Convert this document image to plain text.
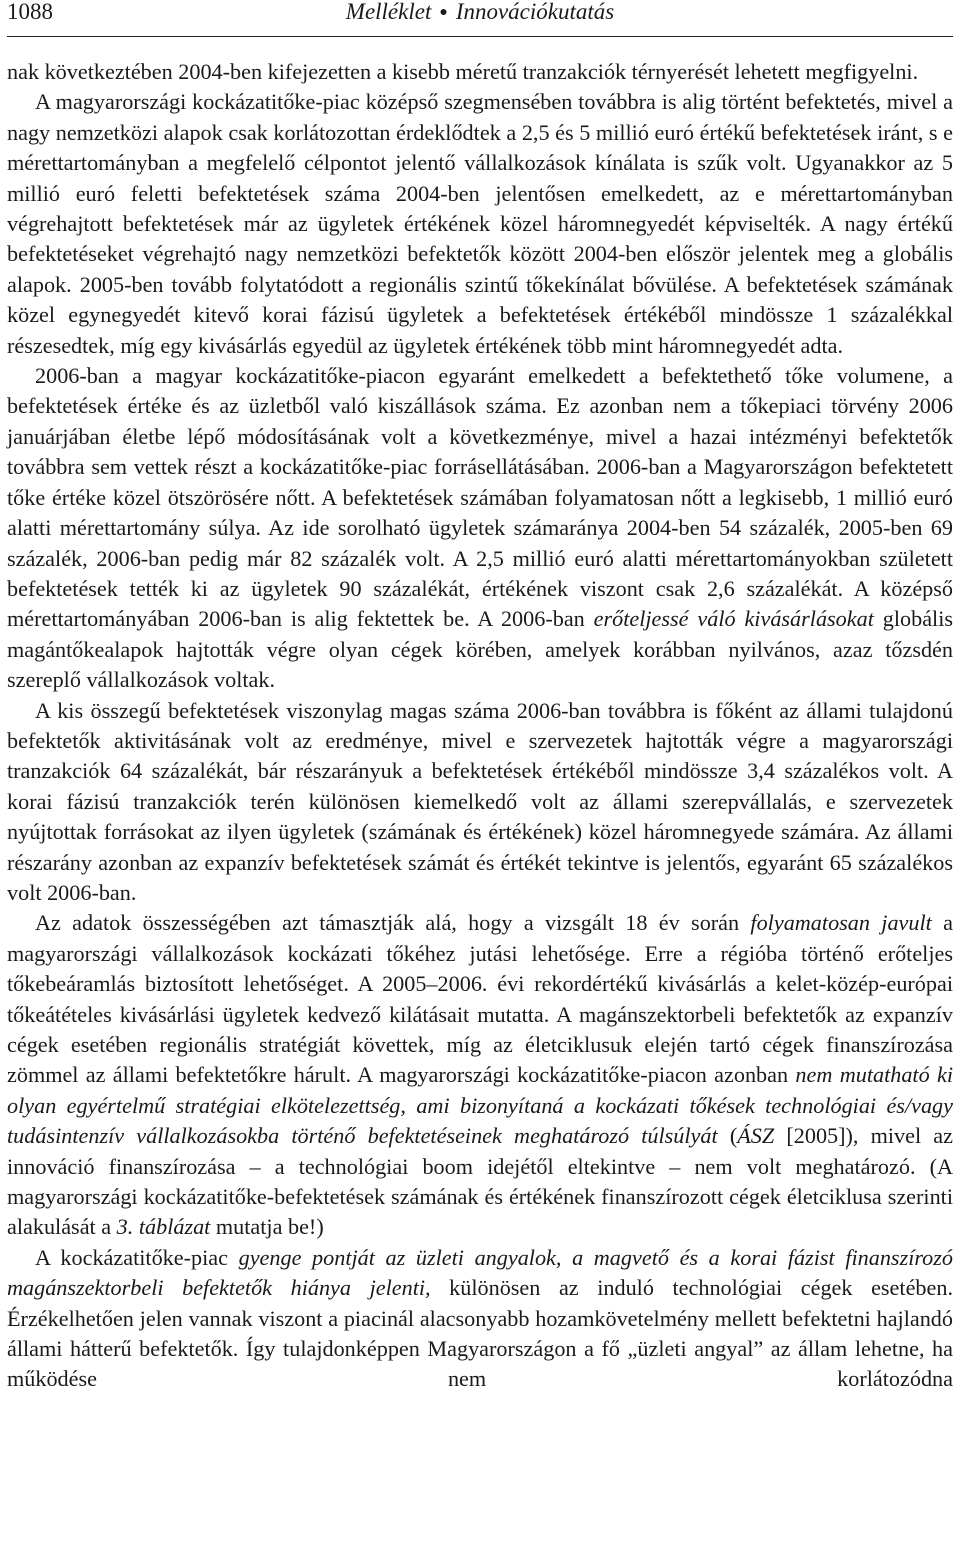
1088	Melléklet ● Innovációkutatás

nak következtében 2004-ben kifejezetten a kisebb méretű tranzakciók térnyerését lehetett megfigyelni.

A magyarországi kockázatitőke-piac középső szegmensében továbbra is alig történt befektetés, mivel a nagy nemzetközi alapok csak korlátozottan érdeklődtek a 2,5 és 5 millió euró értékű befektetések iránt, s e mérettartományban a megfelelő célpontot jelentő vállalkozások kínálata is szűk volt. Ugyanakkor az 5 millió euró feletti befektetések száma 2004-ben jelentősen emelkedett, az e mérettartományban végrehajtott befektetések már az ügyletek értékének közel háromnegyedét képviselték. A nagy értékű befektetéseket végrehajtó nagy nemzetközi befektetők között 2004-ben először jelentek meg a globális alapok. 2005-ben tovább folytatódott a regionális szintű tőkekínálat bővülése. A befektetések számának közel egynegyedét kitevő korai fázisú ügyletek a befektetések értékéből mindössze 1 százalékkal részesedtek, míg egy kivásárlás egyedül az ügyletek értékének több mint háromnegyedét adta.

2006-ban a magyar kockázatitőke-piacon egyaránt emelkedett a befektethető tőke volumene, a befektetések értéke és az üzletből való kiszállások száma. Ez azonban nem a tőkepiaci törvény 2006 januárjában életbe lépő módosításának volt a következménye, mivel a hazai intézményi befektetők továbbra sem vettek részt a kockázatitőke-piac forrásellátásában. 2006-ban a Magyarországon befektetett tőke értéke közel ötszörösére nőtt. A befektetések számában folyamatosan nőtt a legkisebb, 1 millió euró alatti mérettartomány súlya. Az ide sorolható ügyletek számaránya 2004-ben 54 százalék, 2005-ben 69 százalék, 2006-ban pedig már 82 százalék volt. A 2,5 millió euró alatti mérettartományokban született befektetések tették ki az ügyletek 90 százalékát, értékének viszont csak 2,6 százalékát. A középső mérettartományában 2006-ban is alig fektettek be. A 2006-ban erőteljessé váló kivásárlásokat globális magántőkealapok hajtották végre olyan cégek körében, amelyek korábban nyilvános, azaz tőzsdén szereplő vállalkozások voltak.

A kis összegű befektetések viszonylag magas száma 2006-ban továbbra is főként az állami tulajdonú befektetők aktivitásának volt az eredménye, mivel e szervezetek hajtották végre a magyarországi tranzakciók 64 százalékát, bár részarányuk a befektetések értékéből mindössze 3,4 százalékos volt. A korai fázisú tranzakciók terén különösen kiemelkedő volt az állami szerepvállalás, e szervezetek nyújtottak forrásokat az ilyen ügyletek (számának és értékének) közel háromnegyede számára. Az állami részarány azonban az expanzív befektetések számát és értékét tekintve is jelentős, egyaránt 65 százalékos volt 2006-ban.

Az adatok összességében azt támasztják alá, hogy a vizsgált 18 év során folyamatosan javult a magyarországi vállalkozások kockázati tőkéhez jutási lehetősége. Erre a régióba történő erőteljes tőkebeáramlás biztosított lehetőséget. A 2005–2006. évi rekordértékű kivásárlás a kelet-közép-európai tőkeátételes kivásárlási ügyletek kedvező kilátásait mutatta. A magánszektorbeli befektetők az expanzív cégek esetében regionális stratégiát követtek, míg az életciklusuk elején tartó cégek finanszírozása zömmel az állami befektetőkre hárult. A magyarországi kockázatitőke-piacon azonban nem mutatható ki olyan egyértelmű stratégiai elkötelezettség, ami bizonyítaná a kockázati tőkések technológiai és/vagy tudásintenzív vállalkozásokba történő befektetéseinek meghatározó túlsúlyát (ÁSZ [2005]), mivel az innováció finanszírozása – a technológiai boom idejétől eltekintve – nem volt meghatározó. (A magyarországi kockázatitőke-befektetések számának és értékének finanszírozott cégek életciklusa szerinti alakulását a 3. táblázat mutatja be!)

A kockázatitőke-piac gyenge pontját az üzleti angyalok, a magvető és a korai fázist finanszírozó magánszektorbeli befektetők hiánya jelenti, különösen az induló technológiai cégek esetében. Érzékelhetően jelen vannak viszont a piacinál alacsonyabb hozamkövetelmény mellett befektetni hajlandó állami hátterű befektetők. Így tulajdonképpen Magyarországon a fő „üzleti angyal” az állam lehetne, ha működése nem korlátozódna
